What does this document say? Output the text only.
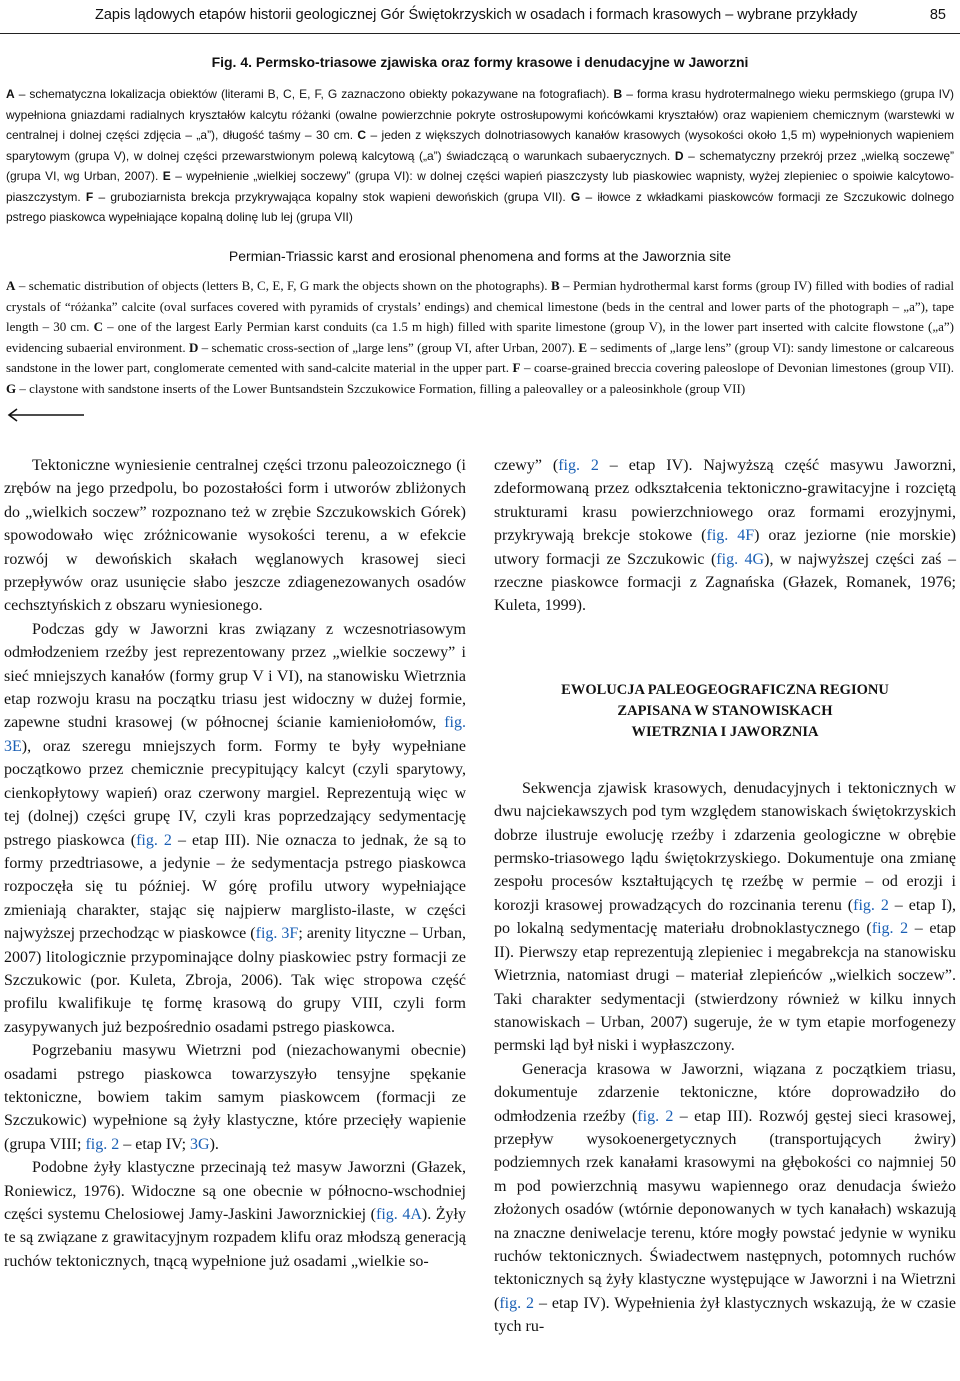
Zapis lądowych etapów historii geologicznej Gór Świętokrzyskich w osadach i formach krasowych – wybrane przykłady	85
Fig. 4. Permsko-triasowe zjawiska oraz formy krasowe i denudacyjne w Jaworzni
A – schematyczna lokalizacja obiektów (literami B, C, E, F, G zaznaczono obiekty pokazywane na fotografiach). B – forma krasu hydrotermalnego wieku permskiego (grupa IV) wypełniona gniazdami radialnych kryształów kalcytu różanki (owalne powierzchnie pokryte ostrosłupowymi końcówkami kryształów) oraz wapieniem chemicznym (warstewki w centralnej i dolnej części zdjęcia – „a”), długość taśmy – 30 cm. C – jeden z większych dolnotriasowych kanałów krasowych (wysokości około 1,5 m) wypełnionych wapieniem sparytowym (grupa V), w dolnej części przewarstwionym polewą kalcytową („a”) świadczącą o warunkach subaerycznych. D – schematyczny przekrój przez „wielką soczewę” (grupa VI, wg Urban, 2007). E – wypełnienie „wielkiej soczewy” (grupa VI): w dolnej części wapień piaszczysty lub piaskowiec wapnisty, wyżej zlepieniec o spoiwie kalcytowo-piaszczystym. F – gruboziarnista brekcja przykrywająca kopalny stok wapieni dewońskich (grupa VII). G – iłowce z wkładkami piaskowców formacji ze Szczukowic dolnego pstrego piaskowca wypełniające kopalną dolinę lub lej (grupa VII)
Permian-Triassic karst and erosional phenomena and forms at the Jaworznia site
A – schematic distribution of objects (letters B, C, E, F, G mark the objects shown on the photographs). B – Permian hydrothermal karst forms (group IV) filled with bodies of radial crystals of “różanka” calcite (oval surfaces covered with pyramids of crystals’ endings) and chemical limestone (beds in the central and lower parts of the photograph – „a”), tape length – 30 cm. C – one of the largest Early Permian karst conduits (ca 1.5 m high) filled with sparite limestone (group V), in the lower part inserted with calcite flowstone („a”) evidencing subaerial environment. D – schematic cross-section of „large lens” (group VI, after Urban, 2007). E – sediments of „large lens” (group VI): sandy limestone or calcareous sandstone in the lower part, conglomerate cemented with sand-calcite material in the upper part. F – coarse-grained breccia covering paleoslope of Devonian limestones (group VII). G – claystone with sandstone inserts of the Lower Buntsandstein Szczukowice Formation, filling a paleovalley or a paleosinkhole (group VII)

Tektoniczne wyniesienie centralnej części trzonu paleozoicznego (i zrębów na jego przedpolu, bo pozostałości form i utworów zbliżonych do „wielkich soczew” rozpoznano też w zrębie Szczukowskich Górek) spowodowało więc zróżnicowanie wysokości terenu, a w efekcie rozwój w dewońskich skałach węglanowych krasowej sieci przepływów oraz usunięcie słabo jeszcze zdiagenezowanych osadów cechsztyńskich z obszaru wyniesionego.

Podczas gdy w Jaworzni kras związany z wczesnotriasowym odmłodzeniem rzeźby jest reprezentowany przez „wielkie soczewy” i sieć mniejszych kanałów (formy grup V i VI), na stanowisku Wietrznia etap rozwoju krasu na początku triasu jest widoczny w dużej formie, zapewne studni krasowej (w północnej ścianie kamieniołomów, fig. 3E), oraz szeregu mniejszych form. Formy te były wypełniane początkowo przez chemicznie precypitujący kalcyt (czyli sparytowy, cienkopłytowy wapień) oraz czerwony margiel. Reprezentują więc w tej (dolnej) części grupę IV, czyli kras poprzedzający sedymentację pstrego piaskowca (fig. 2 – etap III). Nie oznacza to jednak, że są to formy przedtriasowe, a jedynie – że sedymentacja pstrego piaskowca rozpoczęła się tu później. W górę profilu utwory wypełniające zmieniają charakter, stając się najpierw marglisto-ilaste, w części najwyższej przechodząc w piaskowce (fig. 3F; arenity lityczne – Urban, 2007) litologicznie przypominające dolny piaskowiec pstry formacji ze Szczukowic (por. Kuleta, Zbroja, 2006). Tak więc stropowa część profilu kwalifikuje tę formę krasową do grupy VIII, czyli form zasypywanych już bezpośrednio osadami pstrego piaskowca.

Pogrzebaniu masywu Wietrzni pod (niezachowanymi obecnie) osadami pstrego piaskowca towarzyszyło tensyjne spękanie tektoniczne, bowiem takim samym piaskowcem (formacji ze Szczukowic) wypełnione są żyły klastyczne, które przecięły wapienie (grupa VIII; fig. 2 – etap IV; 3G).

Podobne żyły klastyczne przecinają też masyw Jaworzni (Głazek, Roniewicz, 1976). Widoczne są one obecnie w północno-wschodniej części systemu Chelosiowej Jamy-Jaskini Jaworznickiej (fig. 4A). Żyły te są związane z grawitacyjnym rozpadem klifu oraz młodszą generacją ruchów tektonicznych, tnącą wypełnione już osadami „wielkie so-

czewy” (fig. 2 – etap IV). Najwyższą część masywu Jaworzni, zdeformowaną przez odkształcenia tektoniczno-grawitacyjne i rozciętą strukturami krasu powierzchniowego oraz formami erozyjnymi, przykrywają brekcje stokowe (fig. 4F) oraz jeziorne (nie morskie) utwory formacji ze Szczukowic (fig. 4G), w najwyższej części zaś – rzeczne piaskowce formacji z Zagnańska (Głazek, Romanek, 1976; Kuleta, 1999).

EWOLUCJA PALEOGEOGRAFICZNA REGIONU
ZAPISANA W STANOWISKACH
WIETRZNIA I JAWORZNIA

Sekwencja zjawisk krasowych, denudacyjnych i tektonicznych w dwu najciekawszych pod tym względem stanowiskach świętokrzyskich dobrze ilustruje ewolucję rzeźby i zdarzenia geologiczne w obrębie permsko-triasowego lądu świętokrzyskiego. Dokumentuje ona zmianę zespołu procesów kształtujących tę rzeźbę w permie – od erozji i korozji krasowej prowadzących do rozcinania terenu (fig. 2 – etap I), po lokalną sedymentację materiału drobnoklastycznego (fig. 2 – etap II). Pierwszy etap reprezentują zlepieniec i megabrekcja na stanowisku Wietrznia, natomiast drugi – materiał zlepieńców „wielkich soczew”. Taki charakter sedymentacji (stwierdzony również w kilku innych stanowiskach – Urban, 2007) sugeruje, że w tym etapie morfogenezy permski ląd był niski i wypłaszczony.

Generacja krasowa w Jaworzni, wiązana z początkiem triasu, dokumentuje zdarzenie tektoniczne, które doprowadziło do odmłodzenia rzeźby (fig. 2 – etap III). Rozwój gęstej sieci krasowej, przepływ wysokoenergetycznych (transportujących żwiry) podziemnych rzek kanałami krasowymi na głębokości co najmniej 50 m pod powierzchnią masywu wapiennego oraz denudacja świeżo złożonych osadów (wtórnie deponowanych w tych kanałach) wskazują na znaczne deniwelacje terenu, które mogły powstać jedynie w wyniku ruchów tektonicznych. Świadectwem następnych, potomnych ruchów tektonicznych są żyły klastyczne występujące w Jaworzni i na Wietrzni (fig. 2 – etap IV). Wypełnienia żył klastycznych wskazują, że w czasie tych ru-
